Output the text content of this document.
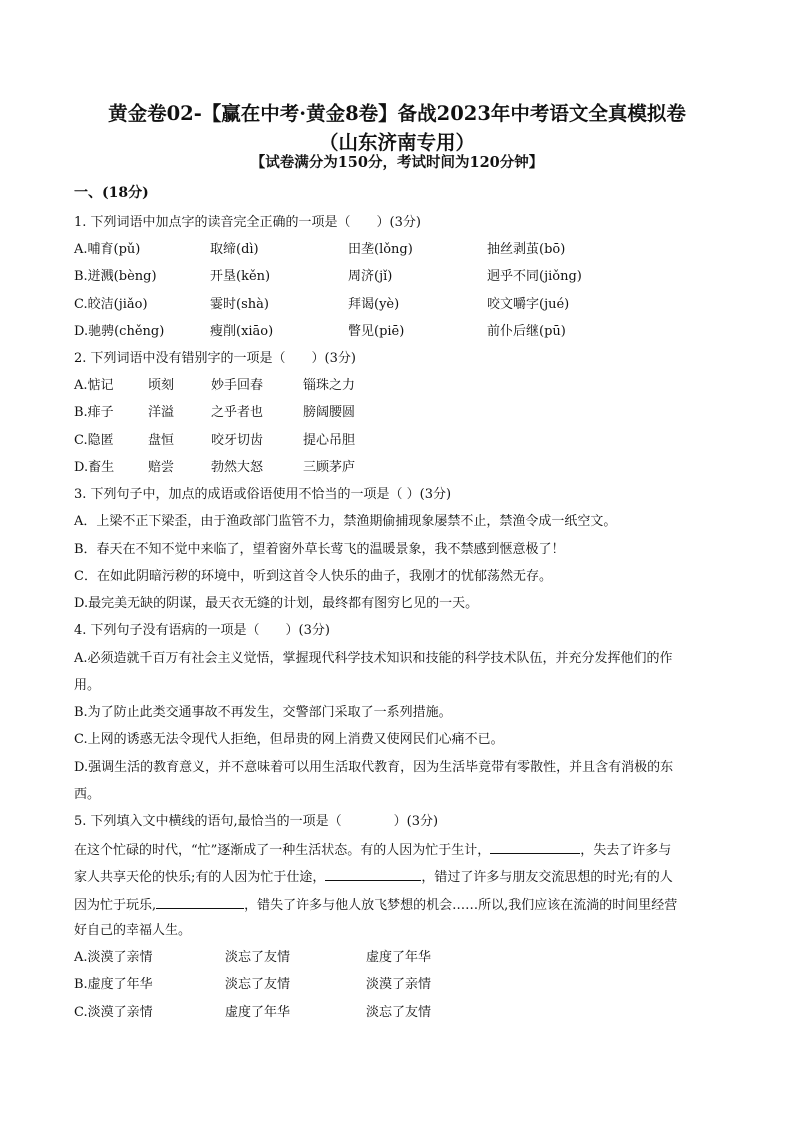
黄金卷02-【赢在中考·黄金8卷】备战2023年中考语文全真模拟卷
（山东济南专用）
【试卷满分为150分，考试时间为120分钟】
一、(18分)
1. 下列词语中加点字的读音完全正确的一项是（　　）(3分)
A.哺育(pǔ)	取缔(dì)	田垄(lǒng)	抽丝剥茧(bō)
B.迸溅(bèng)	开垦(kěn)	周济(jǐ)	迥乎不同(jiǒng)
C.皎洁(jiǎo)	霎时(shà)	拜谒(yè)	咬文嚼字(jué)
D.驰骋(chěng)	瘦削(xiāo)	瞥见(piē)	前仆后继(pū)
2. 下列词语中没有错别字的一项是（　　）(3分)
A.惦记	顷刻	妙手回春	锱珠之力
B.痱子	洋溢	之乎者也	膀阔腰圆
C.隐匿	盘恒	咬牙切齿	提心吊胆
D.畜生	赔尝	勃然大怒	三顾茅庐
3. 下列句子中，加点的成语或俗语使用不恰当的一项是（ ）(3分)
A．上梁不正下梁歪，由于渔政部门监管不力，禁渔期偷捕现象屡禁不止，禁渔令成一纸空文。
B．春天在不知不觉中来临了，望着窗外草长莺飞的温暖景象，我不禁感到惬意极了！
C．在如此阴暗污秽的环境中，听到这首令人快乐的曲子，我刚才的忧郁荡然无存。
D.最完美无缺的阴谋，最天衣无缝的计划，最终都有图穷匕见的一天。
4. 下列句子没有语病的一项是（　　）(3分)
A.必须造就千百万有社会主义觉悟，掌握现代科学技术知识和技能的科学技术队伍，并充分发挥他们的作
用。
B.为了防止此类交通事故不再发生，交警部门采取了一系列措施。
C.上网的诱惑无法令现代人拒绝，但昂贵的网上消费又使网民们心痛不已。
D.强调生活的教育意义，并不意味着可以用生活取代教育，因为生活毕竟带有零散性，并且含有消极的东
西。
5. 下列填入文中横线的语句,最恰当的一项是（　　　　）(3分)
在这个忙碌的时代，“忙”逐渐成了一种生活状态。有的人因为忙于生计，	，失去了许多与
家人共享天伦的快乐;有的人因为忙于仕途，	，错过了许多与朋友交流思想的时光;有的人
因为忙于玩乐,	，错失了许多与他人放飞梦想的机会……所以,我们应该在流淌的时间里经营
好自己的幸福人生。
A.淡漠了亲情	淡忘了友情	虚度了年华
B.虚度了年华	淡忘了友情	淡漠了亲情
C.淡漠了亲情	虚度了年华	淡忘了友情
